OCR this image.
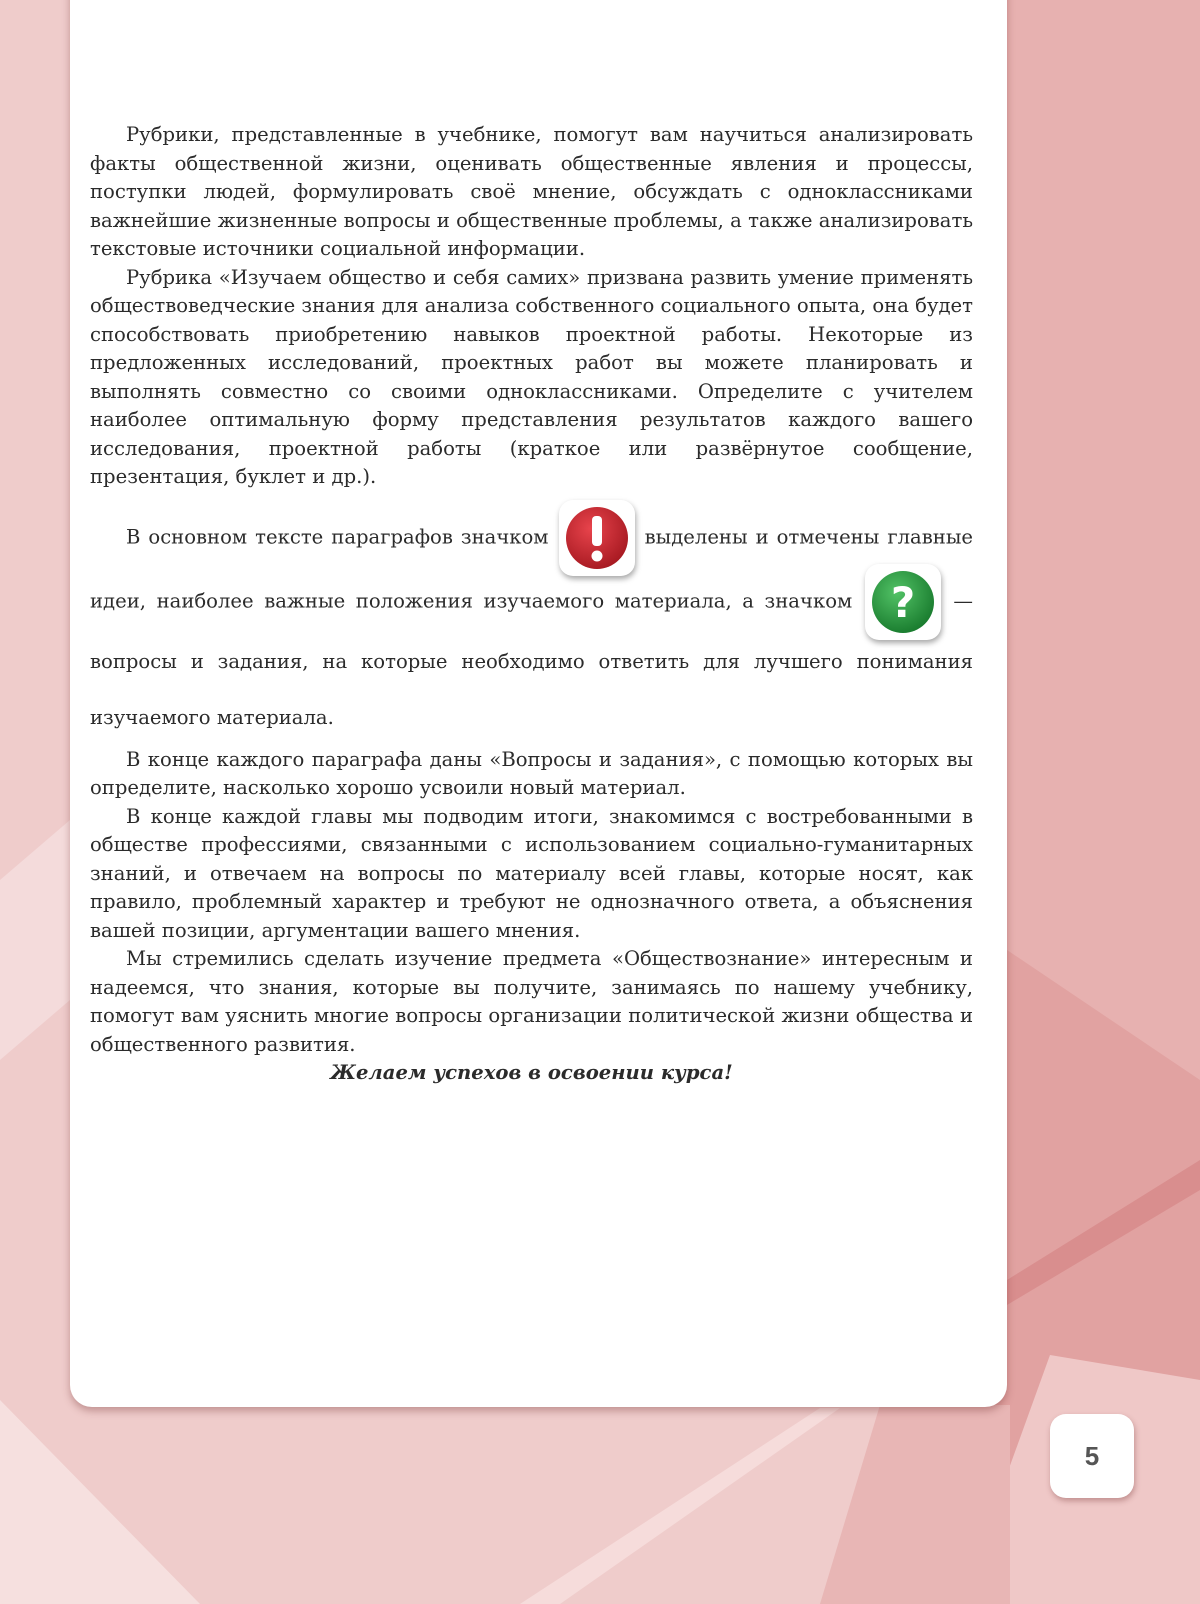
Рубрики, представленные в учебнике, помогут вам научиться анализировать факты общественной жизни, оценивать общественные явления и процессы, поступки людей, формулировать своё мнение, обсуждать с одноклассниками важнейшие жизненные вопросы и общественные проблемы, а также анализировать текстовые источники социальной информации.

Рубрика «Изучаем общество и себя самих» призвана развить умение применять обществоведческие знания для анализа собственного социального опыта, она будет способствовать приобретению навыков проектной работы. Некоторые из предложенных исследований, проектных работ вы можете планировать и выполнять совместно со своими одноклассниками. Определите с учителем наиболее оптимальную форму представления результатов каждого вашего исследования, проектной работы (краткое или развёрнутое сообщение, презентация, буклет и др.).

В основном тексте параграфов значком	выделены и отмечены главные идеи, наиболее важные положения изучаемого материала, а значком ? — вопросы и задания, на которые необходимо ответить для лучшего понимания изучаемого материала.

В конце каждого параграфа даны «Вопросы и задания», с помощью которых вы определите, насколько хорошо усвоили новый материал.

В конце каждой главы мы подводим итоги, знакомимся с востребованными в обществе профессиями, связанными с использованием социально-гуманитарных знаний, и отвечаем на вопросы по материалу всей главы, которые носят, как правило, проблемный характер и требуют не однозначного ответа, а объяснения вашей позиции, аргументации вашего мнения.

Мы стремились сделать изучение предмета «Обществознание» интересным и надеемся, что знания, которые вы получите, занимаясь по нашему учебнику, помогут вам уяснить многие вопросы организации политической жизни общества и общественного развития.

Желаем успехов в освоении курса!

5
